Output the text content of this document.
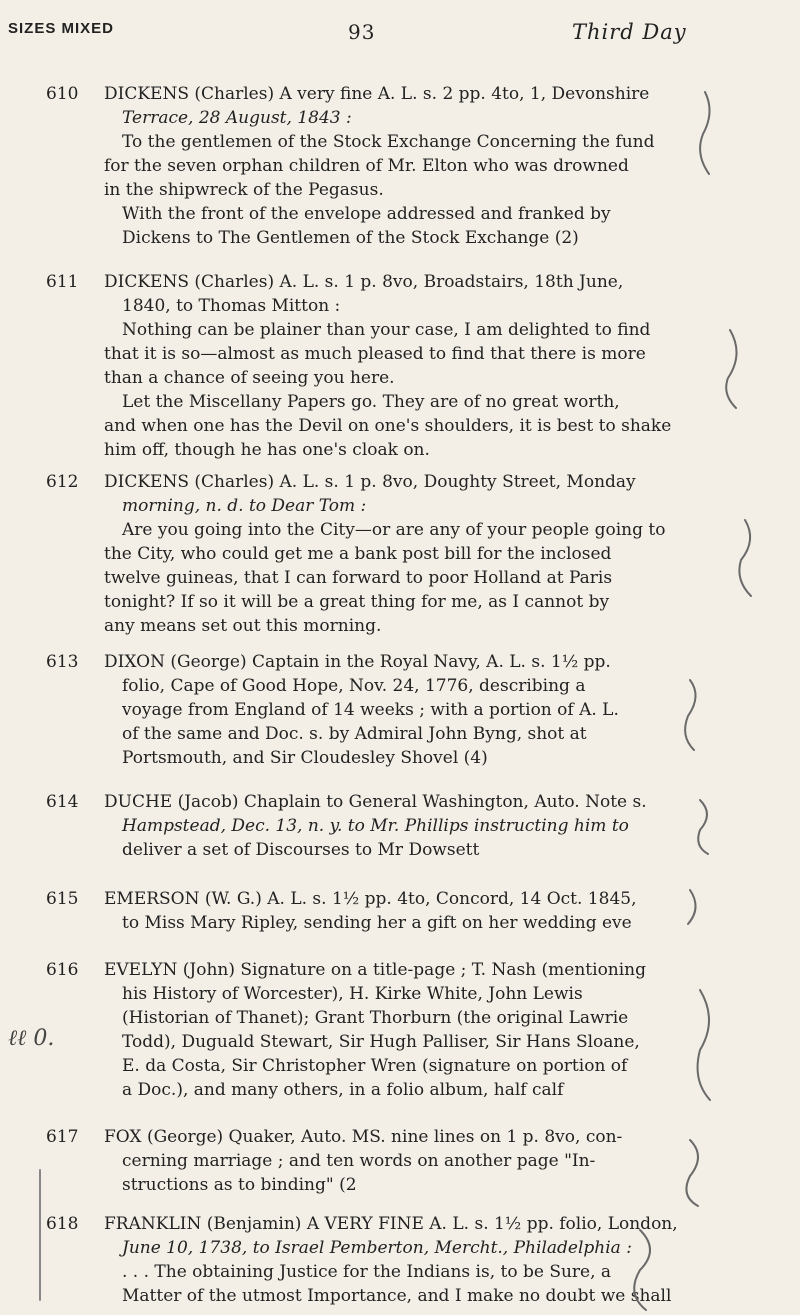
SIZES MIXED	93	Third Day
610	DICKENS (Charles) A very fine A. L. s. 2 pp. 4to, 1, Devonshire

Terrace, 28 August, 1843 :

To the gentlemen of the Stock Exchange Concerning the fund

for the seven orphan children of Mr. Elton who was drowned

in the shipwreck of the Pegasus.

With the front of the envelope addressed and franked by

Dickens to The Gentlemen of the Stock Exchange (2)

611	DICKENS (Charles) A. L. s. 1 p. 8vo, Broadstairs, 18th June,

1840, to Thomas Mitton :

Nothing can be plainer than your case, I am delighted to find

that it is so—almost as much pleased to find that there is more

than a chance of seeing you here.

Let the Miscellany Papers go. They are of no great worth,

and when one has the Devil on one's shoulders, it is best to shake

him off, though he has one's cloak on.

612	DICKENS (Charles) A. L. s. 1 p. 8vo, Doughty Street, Monday

morning, n. d. to Dear Tom :

Are you going into the City—or are any of your people going to

the City, who could get me a bank post bill for the inclosed

twelve guineas, that I can forward to poor Holland at Paris

tonight? If so it will be a great thing for me, as I cannot by

any means set out this morning.

613	DIXON (George) Captain in the Royal Navy, A. L. s. 1½ pp.

folio, Cape of Good Hope, Nov. 24, 1776, describing a

voyage from England of 14 weeks ; with a portion of A. L.

of the same and Doc. s. by Admiral John Byng, shot at

Portsmouth, and Sir Cloudesley Shovel (4)

614	DUCHE (Jacob) Chaplain to General Washington, Auto. Note s.

Hampstead, Dec. 13, n. y. to Mr. Phillips instructing him to

deliver a set of Discourses to Mr Dowsett

615	EMERSON (W. G.) A. L. s. 1½ pp. 4to, Concord, 14 Oct. 1845,

to Miss Mary Ripley, sending her a gift on her wedding eve

616	EVELYN (John) Signature on a title-page ; T. Nash (mentioning

his History of Worcester), H. Kirke White, John Lewis

(Historian of Thanet); Grant Thorburn (the original Lawrie

Todd), Duguald Stewart, Sir Hugh Palliser, Sir Hans Sloane,

E. da Costa, Sir Christopher Wren (signature on portion of

a Doc.), and many others, in a folio album, half calf

617	FOX (George) Quaker, Auto. MS. nine lines on 1 p. 8vo, con-

cerning marriage ; and ten words on another page "In-

structions as to binding" (2

618	FRANKLIN (Benjamin) A VERY FINE A. L. s. 1½ pp. folio, London,

June 10, 1738, to Israel Pemberton, Mercht., Philadelphia :

. . . The obtaining Justice for the Indians is, to be Sure, a

Matter of the utmost Importance, and I make no doubt we shall

ℓℓ 0.
